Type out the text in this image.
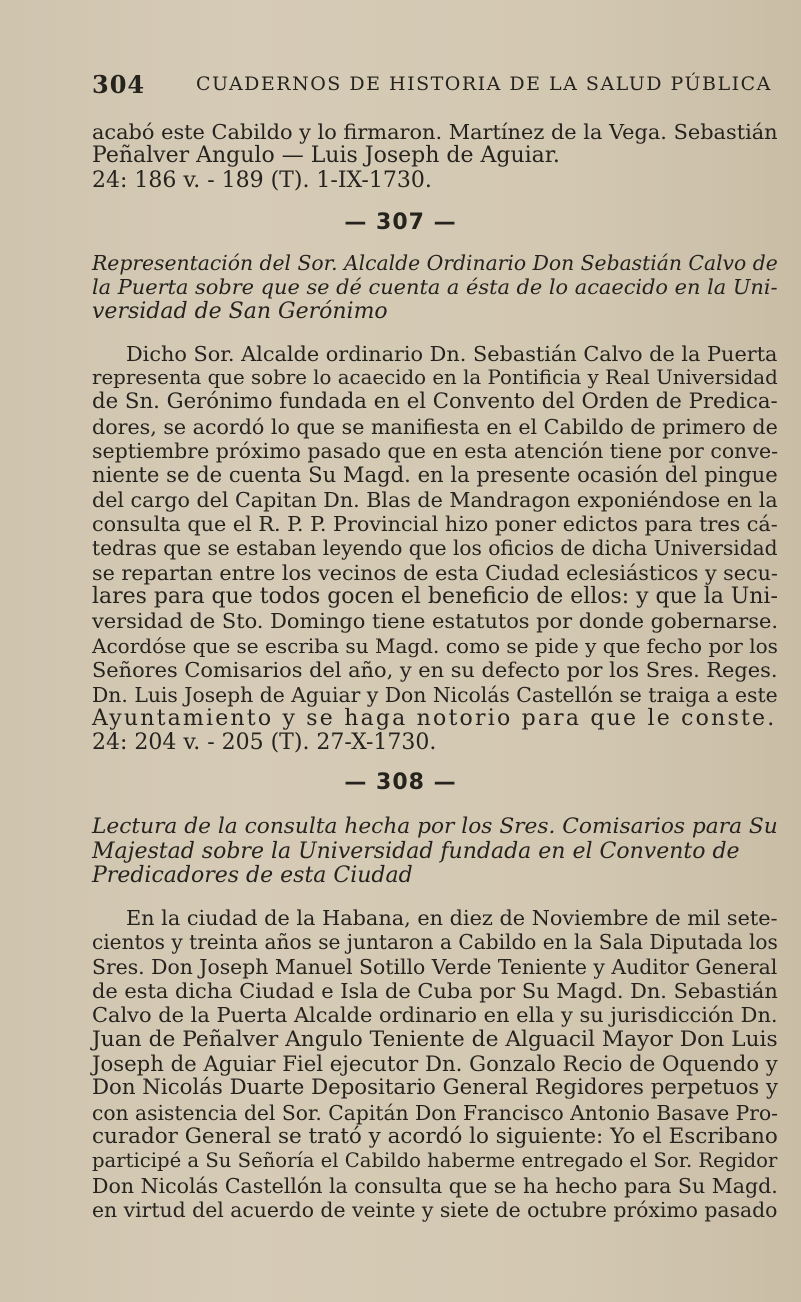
304	CUADERNOS DE HISTORIA DE LA SALUD PÚBLICA
acabó este Cabildo y lo firmaron. Martínez de la Vega. Sebastián
Peñalver Angulo — Luis Joseph de Aguiar.
24: 186 v. - 189 (T). 1-IX-1730.
— 307 —
Representación del Sor. Alcalde Ordinario Don Sebastián Calvo de
la Puerta sobre que se dé cuenta a ésta de lo acaecido en la Uni-
versidad de San Gerónimo
Dicho Sor. Alcalde ordinario Dn. Sebastián Calvo de la Puerta
representa que sobre lo acaecido en la Pontificia y Real Universidad
de Sn. Gerónimo fundada en el Convento del Orden de Predica-
dores, se acordó lo que se manifiesta en el Cabildo de primero de
septiembre próximo pasado que en esta atención tiene por conve-
niente se de cuenta Su Magd. en la presente ocasión del pingue
del cargo del Capitan Dn. Blas de Mandragon exponiéndose en la
consulta que el R. P. P. Provincial hizo poner edictos para tres cá-
tedras que se estaban leyendo que los oficios de dicha Universidad
se repartan entre los vecinos de esta Ciudad eclesiásticos y secu-
lares para que todos gocen el beneficio de ellos: y que la Uni-
versidad de Sto. Domingo tiene estatutos por donde gobernarse.
Acordóse que se escriba su Magd. como se pide y que fecho por los
Señores Comisarios del año, y en su defecto por los Sres. Reges.
Dn. Luis Joseph de Aguiar y Don Nicolás Castellón se traiga a este
Ayuntamiento y se haga notorio para que le conste.
24: 204 v. - 205 (T). 27-X-1730.
— 308 —
Lectura de la consulta hecha por los Sres. Comisarios para Su
Majestad sobre la Universidad fundada en el Convento de
Predicadores de esta Ciudad
En la ciudad de la Habana, en diez de Noviembre de mil sete-
cientos y treinta años se juntaron a Cabildo en la Sala Diputada los
Sres. Don Joseph Manuel Sotillo Verde Teniente y Auditor General
de esta dicha Ciudad e Isla de Cuba por Su Magd. Dn. Sebastián
Calvo de la Puerta Alcalde ordinario en ella y su jurisdicción Dn.
Juan de Peñalver Angulo Teniente de Alguacil Mayor Don Luis
Joseph de Aguiar Fiel ejecutor Dn. Gonzalo Recio de Oquendo y
Don Nicolás Duarte Depositario General Regidores perpetuos y
con asistencia del Sor. Capitán Don Francisco Antonio Basave Pro-
curador General se trató y acordó lo siguiente: Yo el Escribano
participé a Su Señoría el Cabildo haberme entregado el Sor. Regidor
Don Nicolás Castellón la consulta que se ha hecho para Su Magd.
en virtud del acuerdo de veinte y siete de octubre próximo pasado
